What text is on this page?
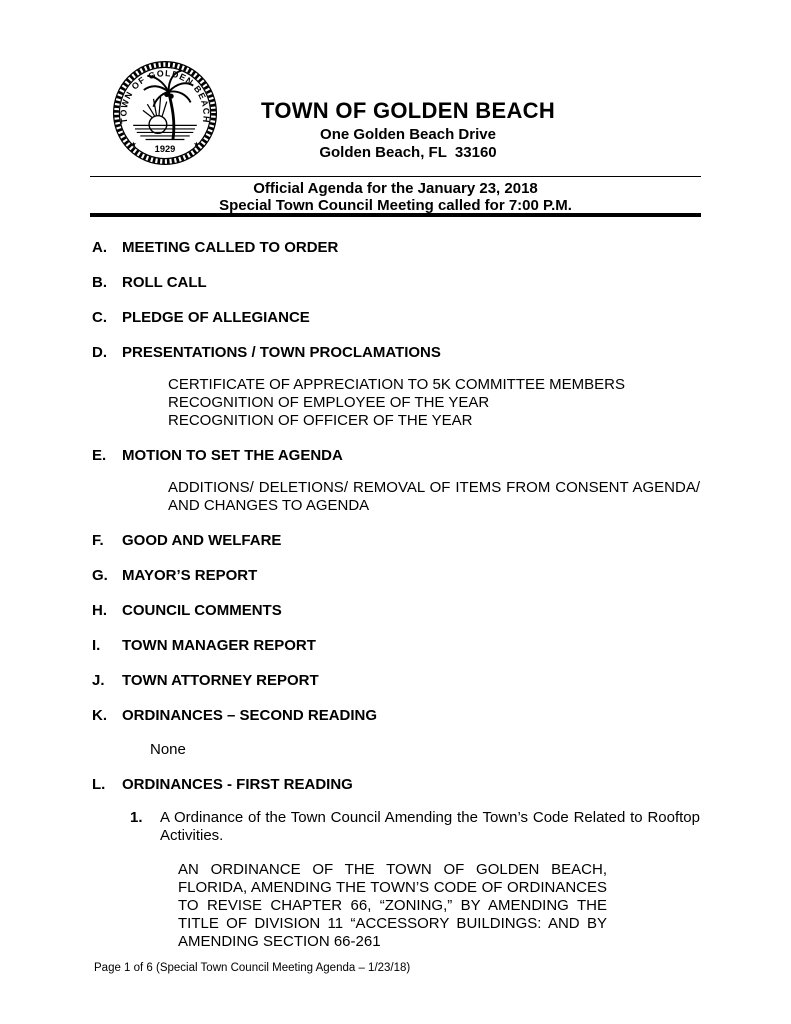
TOWN OF GOLDEN BEACH
★	★
1929
TOWN OF GOLDEN BEACH
One Golden Beach Drive
Golden Beach, FL  33160
Official Agenda for the January 23, 2018
Special Town Council Meeting called for 7:00 P.M.
A.	MEETING CALLED TO ORDER
B.	ROLL CALL
C.	PLEDGE OF ALLEGIANCE
D.	PRESENTATIONS / TOWN PROCLAMATIONS
CERTIFICATE OF APPRECIATION TO 5K COMMITTEE MEMBERS
RECOGNITION OF EMPLOYEE OF THE YEAR
RECOGNITION OF OFFICER OF THE YEAR
E.	MOTION TO SET THE AGENDA
ADDITIONS/ DELETIONS/ REMOVAL OF ITEMS FROM CONSENT AGENDA/ AND CHANGES TO AGENDA
F.	GOOD AND WELFARE
G. MAYOR’S REPORT
H.	COUNCIL COMMENTS
I.	TOWN MANAGER REPORT
J.	TOWN ATTORNEY REPORT
K.	ORDINANCES – SECOND READING
None
L.	ORDINANCES - FIRST READING
1.	A Ordinance of the Town Council Amending the Town’s Code Related to Rooftop Activities.
AN ORDINANCE OF THE TOWN OF GOLDEN BEACH, FLORIDA, AMENDING THE TOWN’S CODE OF ORDINANCES TO REVISE CHAPTER 66, “ZONING,” BY AMENDING THE TITLE OF DIVISION 11 “ACCESSORY BUILDINGS: AND BY AMENDING SECTION 66-261
Page 1 of 6 (Special Town Council Meeting Agenda – 1/23/18)
